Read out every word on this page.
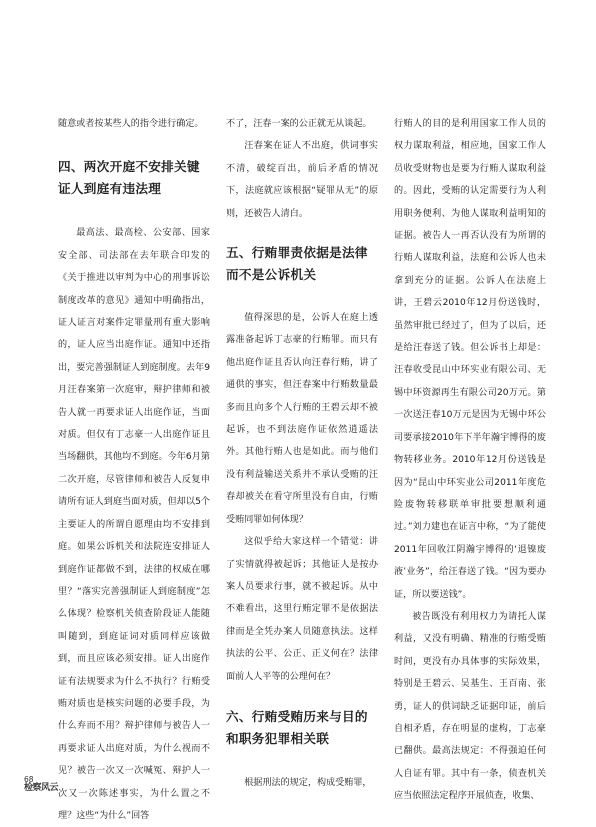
随意或者按某些人的指令进行确定。

四、两次开庭不安排关键证人到庭有违法理

最高法、最高检、公安部、国家安全部、司法部在去年联合印发的《关于推进以审判为中心的刑事诉讼制度改革的意见》通知中明确指出，证人证言对案件定罪量刑有重大影响的，证人应当出庭作证。通知中还指出，要完善强制证人到庭制度。去年9月汪春案第一次庭审，辩护律师和被告人就一再要求证人出庭作证，当面对质。但仅有丁志豪一人出庭作证且当场翻供，其他均不到庭。今年6月第二次开庭，尽管律师和被告人反复申请所有证人到庭当面对质，但却以5个主要证人的所谓自愿理由均不安排到庭。如果公诉机关和法院连安排证人到庭作证都做不到，法律的权威在哪里？“落实完善强制证人到庭制度”怎么体现？检察机关侦查阶段证人能随叫随到，到庭证词对质同样应该做到，而且应该必须安排。证人出庭作证有法规要求为什么不执行？行贿受贿对质也是核实问题的必要手段，为什么弃而不用？辩护律师与被告人一再要求证人出庭对质，为什么视而不见？被告一次又一次喊冤、辩护人一次又一次陈述事实，为什么置之不理？这些“为什么”回答

不了，汪春一案的公正就无从谈起。

汪春案在证人不出庭，供词事实不清，破绽百出，前后矛盾的情况下，法庭就应该根据“疑罪从无”的原则，还被告人清白。

五、行贿罪责依据是法律而不是公诉机关

值得深思的是，公诉人在庭上透露准备起诉丁志豪的行贿罪。而只有他出庭作证且否认向汪春行贿，讲了通供的事实，但汪春案中行贿数量最多而且向多个人行贿的王碧云却不被起诉，也不到法庭作证依然逍遥法外。其他行贿人也是如此。而与他们没有利益输送关系并不承认受贿的汪春却被关在看守所里没有自由，行贿受贿同罪如何体现？

这似乎给大家这样一个错觉：讲了实情就得被起诉；其他证人是按办案人员要求行事，就不被起诉。从中不难看出，这里行贿定罪不是依据法律而是全凭办案人员随意执法。这样执法的公平、公正、正义何在？法律面前人人平等的公理何在？

六、行贿受贿历来与目的和职务犯罪相关联

根据刑法的规定，构成受贿罪，

行贿人的目的是利用国家工作人员的权力谋取利益，相应地，国家工作人员收受财物也是要为行贿人谋取利益的。因此，受贿的认定需要行为人利用职务便利、为他人谋取利益明知的证据。被告人一再否认没有为所谓的行贿人谋取利益，法庭和公诉人也未拿到充分的证据。公诉人在法庭上讲，王碧云2010年12月份送钱时，虽然审批已经过了，但为了以后，还是给汪春送了钱。但公诉书上却是：汪春收受昆山中环实业有限公司、无锡中环资源再生有限公司20万元。第一次送汪春10万元是因为无锡中环公司要承接2010年下半年瀚宇博得的废物转移业务。2010年12月份送钱是因为“昆山中环实业公司2011年度危险废物转移联单审批要想顺利通过。”刘力建也在证言中称，“为了能使2011年回收江阴瀚宇博得的‘退镍废液’业务”，给汪春送了钱。“因为要办证，所以要送钱”。

被告既没有利用权力为请托人谋利益，又没有明确、精准的行贿受贿时间，更没有办具体事的实际效果，特别是王碧云、吴基生、王百南、张勇，证人的供词缺乏证据印证，前后自相矛盾，存在明显的虚构，丁志豪已翻供。最高法规定：不得强迫任何人自证有罪。其中有一条，侦查机关应当依照法定程序开展侦查，收集、

68
检察风云
